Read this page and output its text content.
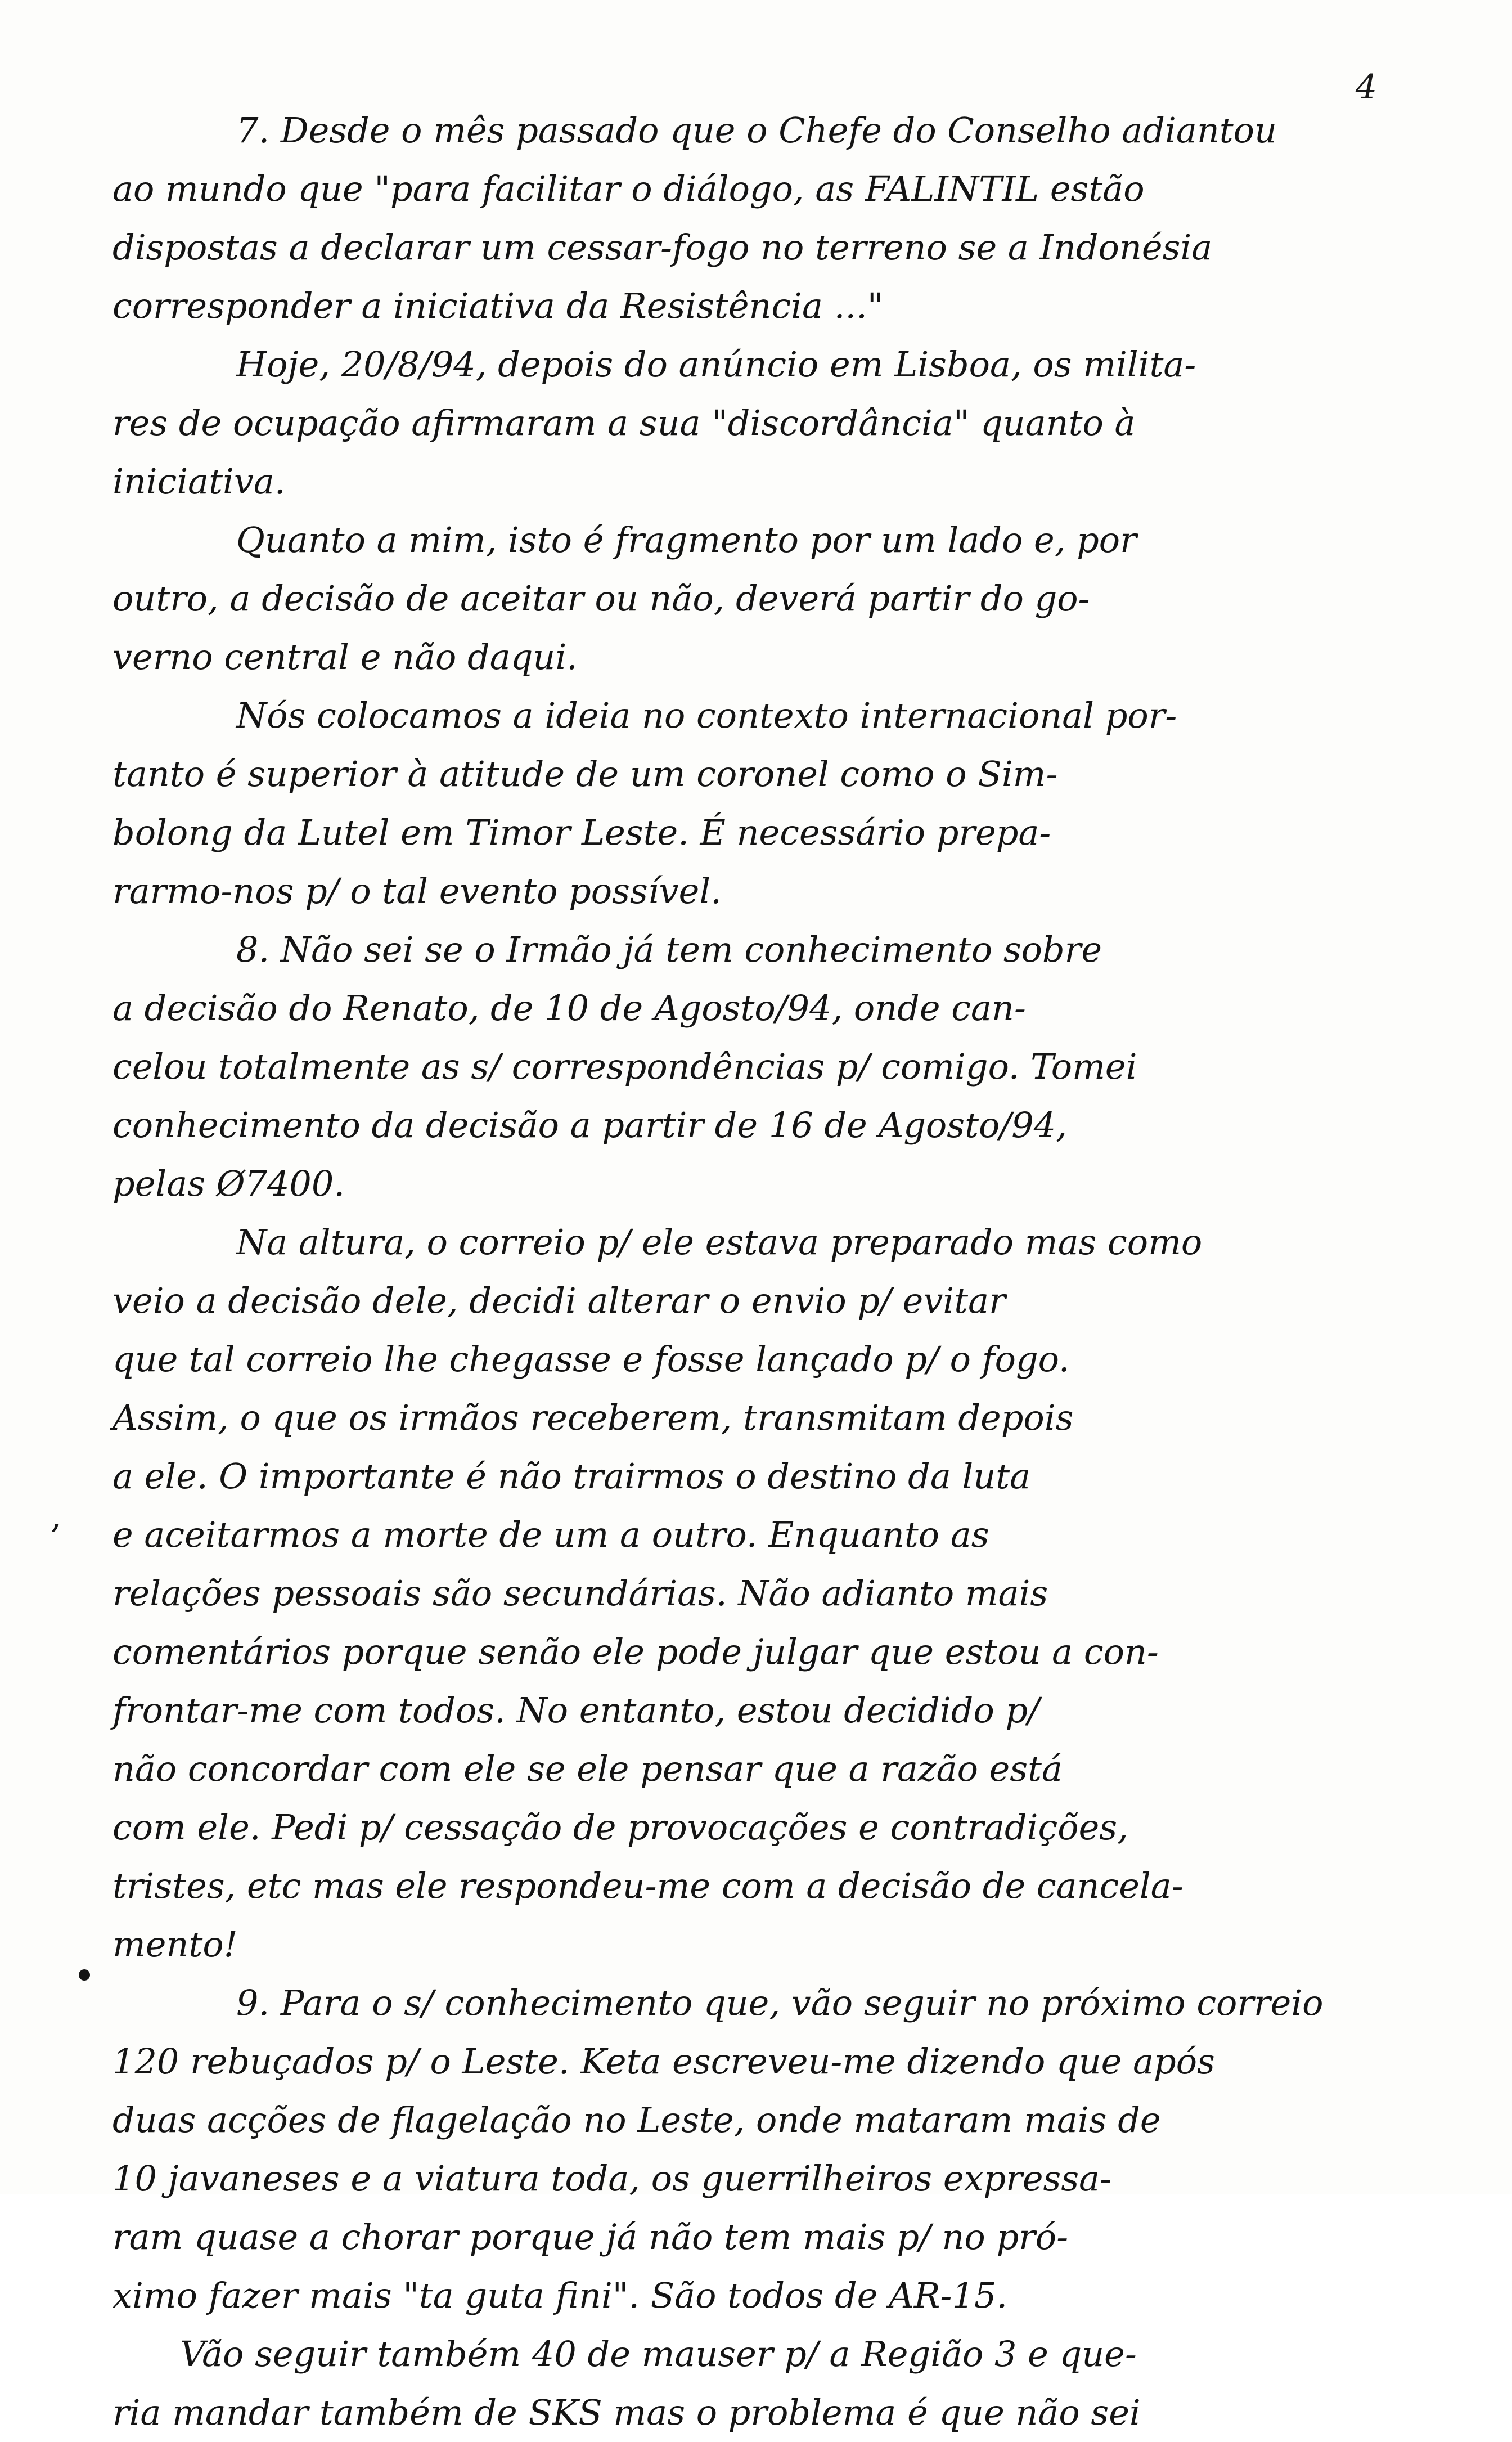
4
,
7. Desde o mês passado que o Chefe do Conselho adiantou
ao mundo que "para facilitar o diálogo, as FALINTIL estão
dispostas a declarar um cessar-fogo no terreno se a Indonésia
corresponder a iniciativa da Resistência ..."
Hoje, 20/8/94, depois do anúncio em Lisboa, os milita-
res de ocupação afirmaram a sua "discordância" quanto à
iniciativa.
Quanto a mim, isto é fragmento por um lado e, por
outro, a decisão de aceitar ou não, deverá partir do go-
verno central e não daqui.
Nós colocamos a ideia no contexto internacional por-
tanto é superior à atitude de um coronel como o Sim-
bolong da Lutel em Timor Leste. É necessário prepa-
rarmo-nos p/ o tal evento possível.
8. Não sei se o Irmão já tem conhecimento sobre
a decisão do Renato, de 10 de Agosto/94, onde can-
celou totalmente as s/ correspondências p/ comigo. Tomei
conhecimento da decisão a partir de 16 de Agosto/94,
pelas Ø7400.
Na altura, o correio p/ ele estava preparado mas como
veio a decisão dele, decidi alterar o envio p/ evitar
que tal correio lhe chegasse e fosse lançado p/ o fogo.
Assim, o que os irmãos receberem, transmitam depois
a ele. O importante é não trairmos o destino da luta
e aceitarmos a morte de um a outro. Enquanto as
relações pessoais são secundárias. Não adianto mais
comentários porque senão ele pode julgar que estou a con-
frontar-me com todos. No entanto, estou decidido p/
não concordar com ele se ele pensar que a razão está
com ele. Pedi p/ cessação de provocações e contradições,
tristes, etc mas ele respondeu-me com a decisão de cancela-
mento!
9. Para o s/ conhecimento que, vão seguir no próximo correio
120 rebuçados p/ o Leste. Keta escreveu-me dizendo que após
duas acções de flagelação no Leste, onde mataram mais de
10 javaneses e a viatura toda, os guerrilheiros expressa-
ram quase a chorar porque já não tem mais p/ no pró-
ximo fazer mais "ta guta fini". São todos de AR-15.
Vão seguir também 40 de mauser p/ a Região 3 e que-
ria mandar também de SKS mas o problema é que não sei
